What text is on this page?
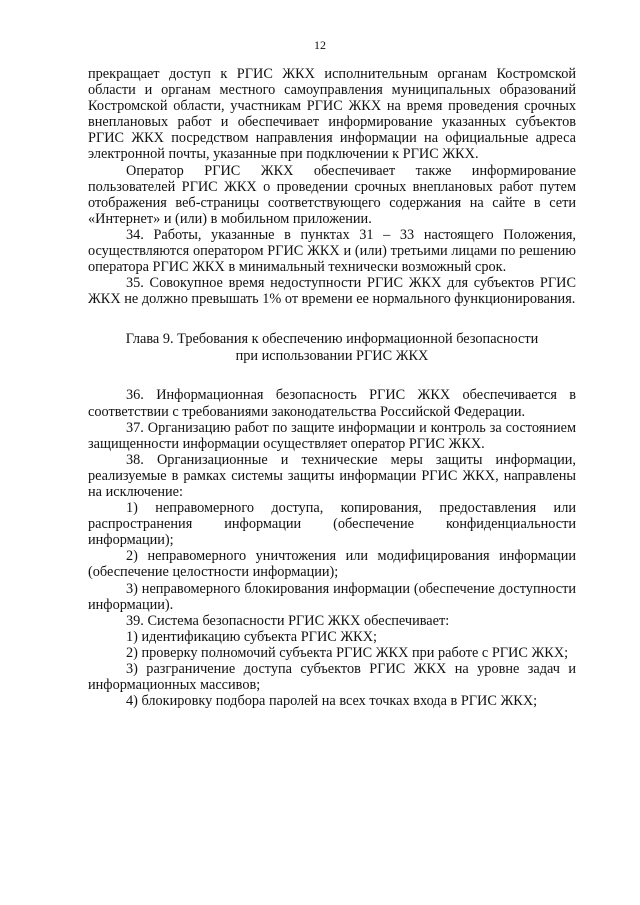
12

прекращает доступ к РГИС ЖКХ исполнительным органам Костромской области и органам местного самоуправления муниципальных образований Костромской области, участникам РГИС ЖКХ на время проведения срочных внеплановых работ и обеспечивает информирование указанных субъектов РГИС ЖКХ посредством направления информации на официальные адреса электронной почты, указанные при подключении к РГИС ЖКХ.

Оператор РГИС ЖКХ обеспечивает также информирование пользователей РГИС ЖКХ о проведении срочных внеплановых работ путем отображения веб-страницы соответствующего содержания на сайте в сети «Интернет» и (или) в мобильном приложении.

34. Работы, указанные в пунктах 31 – 33 настоящего Положения, осуществляются оператором РГИС ЖКХ и (или) третьими лицами по решению оператора РГИС ЖКХ в минимальный технически возможный срок.

35. Совокупное время недоступности РГИС ЖКХ для субъектов РГИС ЖКХ не должно превышать 1% от времени ее нормального функционирования.

Глава 9. Требования к обеспечению информационной безопасности
при использовании РГИС ЖКХ

36. Информационная безопасность РГИС ЖКХ обеспечивается в соответствии с требованиями законодательства Российской Федерации.

37. Организацию работ по защите информации и контроль за состоянием защищенности информации осуществляет оператор РГИС ЖКХ.

38. Организационные и технические меры защиты информации, реализуемые в рамках системы защиты информации РГИС ЖКХ, направлены на исключение:

1) неправомерного доступа, копирования, предоставления или распространения информации (обеспечение конфиденциальности информации);

2) неправомерного уничтожения или модифицирования информации (обеспечение целостности информации);

3) неправомерного блокирования информации (обеспечение доступности информации).

39. Система безопасности РГИС ЖКХ обеспечивает:

1) идентификацию субъекта РГИС ЖКХ;

2) проверку полномочий субъекта РГИС ЖКХ при работе с РГИС ЖКХ;

3) разграничение доступа субъектов РГИС ЖКХ на уровне задач и информационных массивов;

4) блокировку подбора паролей на всех точках входа в РГИС ЖКХ;
